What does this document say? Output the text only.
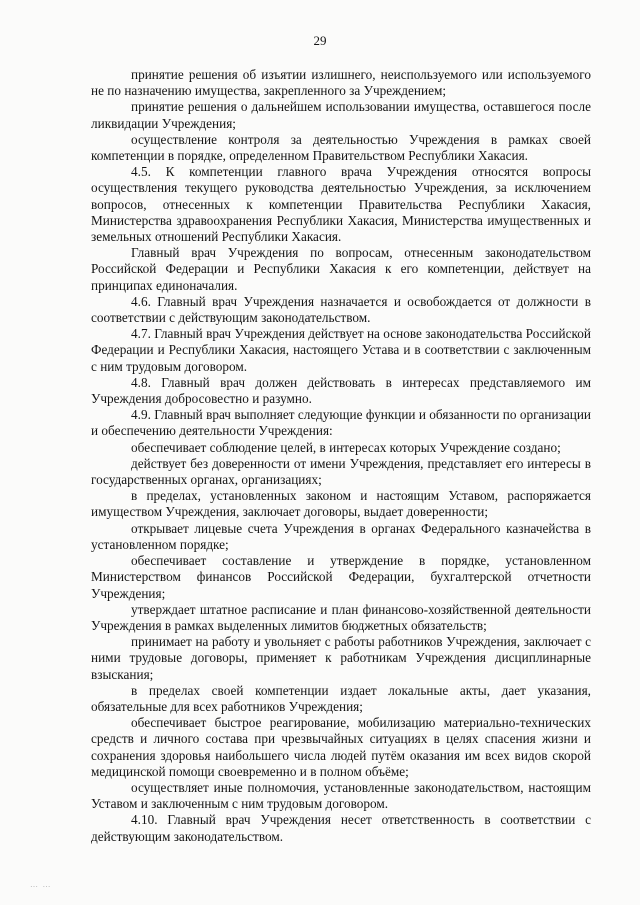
29

принятие решения об изъятии излишнего, неиспользуемого или используемого не по назначению имущества, закрепленного за Учреждением;

принятие решения о дальнейшем использовании имущества, оставшегося после ликвидации Учреждения;

осуществление контроля за деятельностью Учреждения в рамках своей компетенции в порядке, определенном Правительством Республики Хакасия.

4.5. К компетенции главного врача Учреждения относятся вопросы осуществления текущего руководства деятельностью Учреждения, за исключением вопросов, отнесенных к компетенции Правительства Республики Хакасия, Министерства здравоохранения Республики Хакасия, Министерства имущественных и земельных отношений Республики Хакасия.

Главный врач Учреждения по вопросам, отнесенным законодательством Российской Федерации и Республики Хакасия к его компетенции, действует на принципах единоначалия.

4.6. Главный врач Учреждения назначается и освобождается от должности в соответствии с действующим законодательством.

4.7. Главный врач Учреждения действует на основе законодательства Российской Федерации и Республики Хакасия, настоящего Устава и в соответствии с заключенным с ним трудовым договором.

4.8. Главный врач должен действовать в интересах представляемого им Учреждения добросовестно и разумно.

4.9. Главный врач выполняет следующие функции и обязанности по организации и обеспечению деятельности Учреждения:

обеспечивает соблюдение целей, в интересах которых Учреждение создано;

действует без доверенности от имени Учреждения, представляет его интересы в государственных органах, организациях;

в пределах, установленных законом и настоящим Уставом, распоряжается имуществом Учреждения, заключает договоры, выдает доверенности;

открывает лицевые счета Учреждения в органах Федерального казначейства в установленном порядке;

обеспечивает составление и утверждение в порядке, установленном Министерством финансов Российской Федерации, бухгалтерской отчетности Учреждения;

утверждает штатное расписание и план финансово-хозяйственной деятельности Учреждения в рамках выделенных лимитов бюджетных обязательств;

принимает на работу и увольняет с работы работников Учреждения, заключает с ними трудовые договоры, применяет к работникам Учреждения дисциплинарные взыскания;

в пределах своей компетенции издает локальные акты, дает указания, обязательные для всех работников Учреждения;

обеспечивает быстрое реагирование, мобилизацию материально-технических средств и личного состава при чрезвычайных ситуациях в целях спасения жизни и сохранения здоровья наибольшего числа людей путём оказания им всех видов скорой медицинской помощи своевременно и в полном объёме;

осуществляет иные полномочия, установленные законодательством, настоящим Уставом и заключенным с ним трудовым договором.

4.10. Главный врач Учреждения несет ответственность в соответствии с действующим законодательством.

… …
